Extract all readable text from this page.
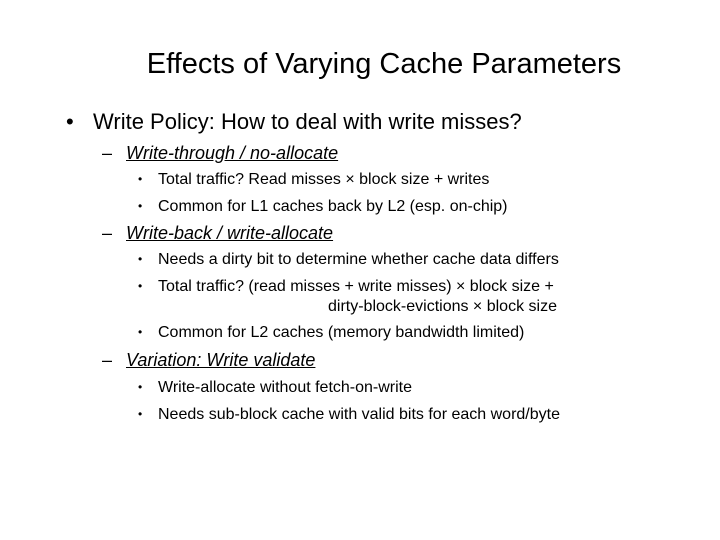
Effects of Varying Cache Parameters
• Write Policy: How to deal with write misses?
– Write-through / no-allocate
• Total traffic? Read misses × block size + writes
• Common for L1 caches back by L2 (esp. on-chip)
– Write-back / write-allocate
• Needs a dirty bit to determine whether cache data differs
• Total traffic? (read misses + write misses) × block size +
dirty-block-evictions × block size
• Common for L2 caches (memory bandwidth limited)
– Variation: Write validate
• Write-allocate without fetch-on-write
• Needs sub-block cache with valid bits for each word/byte
